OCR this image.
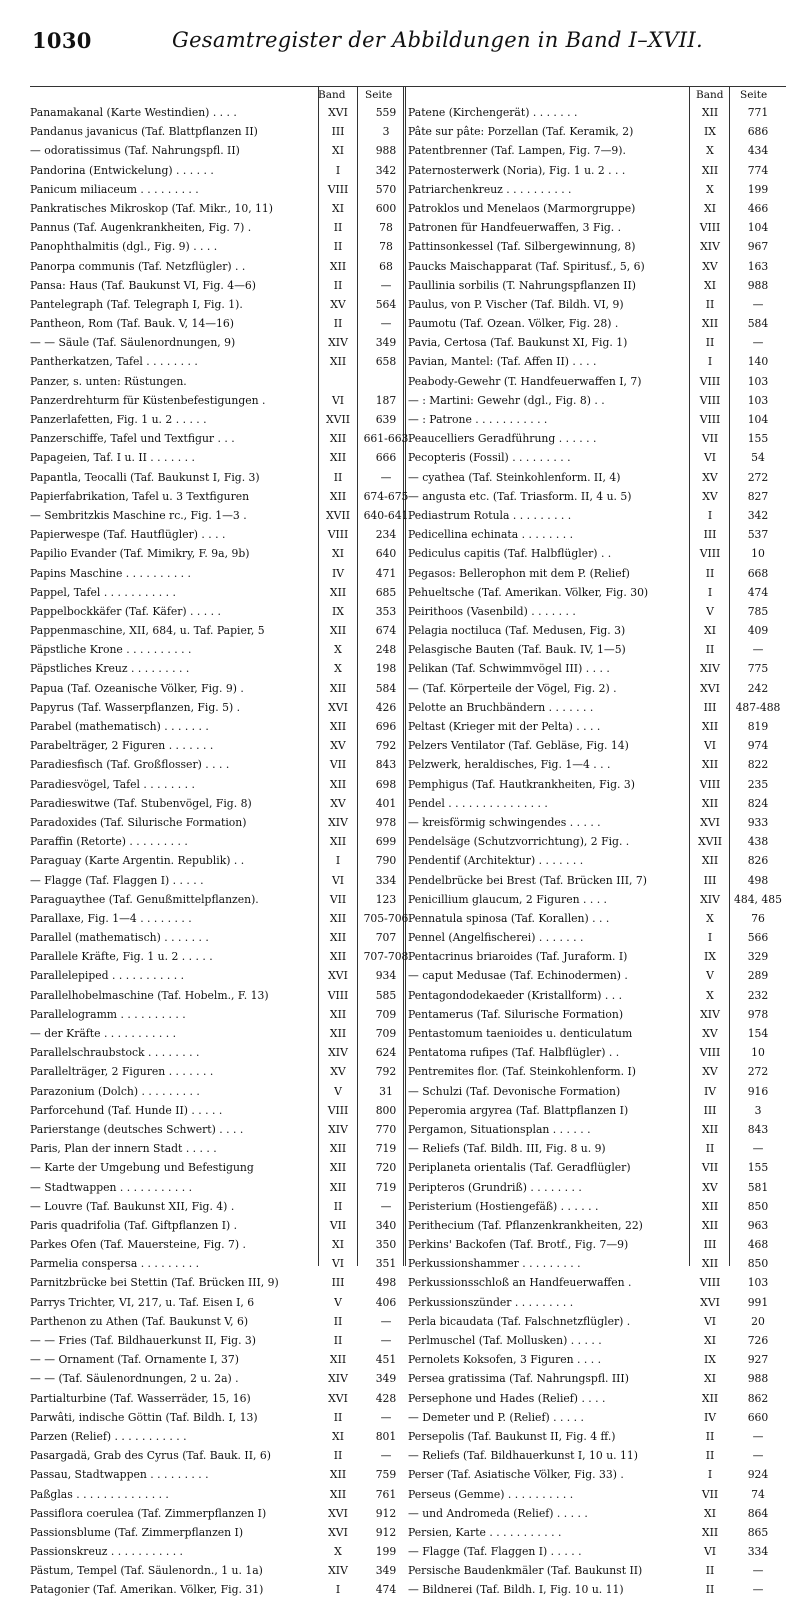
1030	Gesamtregister der Abbildungen in Band I–XVII.
Band Seite
Panamakanal (Karte Westindien) . . . .	XVI	559
Pandanus javanicus (Taf. Blattpflanzen II)	III	3
— odoratissimus (Taf. Nahrungspfl. II)	XI	988
Pandorina (Entwickelung) . . . . . .	I	342
Panicum miliaceum . . . . . . . . .	VIII	570
Pankratisches Mikroskop (Taf. Mikr., 10, 11)	XI	600
Pannus (Taf. Augenkrankheiten, Fig. 7) .	II	78
Panophthalmitis (dgl., Fig. 9) . . . .	II	78
Panorpa communis (Taf. Netzflügler) . .	XII	68
Pansa: Haus (Taf. Baukunst VI, Fig. 4—6)	II	—
Pantelegraph (Taf. Telegraph I, Fig. 1).	XV	564
Pantheon, Rom (Taf. Bauk. V, 14—16)	II	—
— — Säule (Taf. Säulenordnungen, 9)	XIV	349
Pantherkatzen, Tafel . . . . . . . .	XII	658
Panzer, s. unten: Rüstungen.
Panzerdrehturm für Küstenbefestigungen .	VI	187
Panzerlafetten, Fig. 1 u. 2 . . . . .	XVII	639
Panzerschiffe, Tafel und Textfigur . . .	XII	661-663
Papageien, Taf. I u. II . . . . . . .	XII	666
Papantla, Teocalli (Taf. Baukunst I, Fig. 3)	II	—
Papierfabrikation, Tafel u. 3 Textfiguren	XII	674-675
— Sembritzkis Maschine rc., Fig. 1—3 .	XVII	640-641
Papierwespe (Taf. Hautflügler) . . . .	VIII	234
Papilio Evander (Taf. Mimikry, F. 9a, 9b)	XI	640
Papins Maschine . . . . . . . . . .	IV	471
Pappel, Tafel . . . . . . . . . . .	XII	685
Pappelbockkäfer (Taf. Käfer) . . . . .	IX	353
Pappenmaschine, XII, 684, u. Taf. Papier, 5	XII	674
Päpstliche Krone . . . . . . . . . .	X	248
Päpstliches Kreuz . . . . . . . . .	X	198
Papua (Taf. Ozeanische Völker, Fig. 9) .	XII	584
Papyrus (Taf. Wasserpflanzen, Fig. 5) .	XVI	426
Parabel (mathematisch) . . . . . . .	XII	696
Parabelträger, 2 Figuren . . . . . . .	XV	792
Paradiesfisch (Taf. Großflosser) . . . .	VII	843
Paradiesvögel, Tafel . . . . . . . .	XII	698
Paradieswitwe (Taf. Stubenvögel, Fig. 8)	XV	401
Paradoxides (Taf. Silurische Formation)	XIV	978
Paraffin (Retorte) . . . . . . . . .	XII	699
Paraguay (Karte Argentin. Republik) . .	I	790
— Flagge (Taf. Flaggen I) . . . . .	VI	334
Paraguaythee (Taf. Genußmittelpflanzen).	VII	123
Parallaxe, Fig. 1—4 . . . . . . . .	XII	705-706
Parallel (mathematisch) . . . . . . .	XII	707
Parallele Kräfte, Fig. 1 u. 2 . . . . .	XII	707-708
Parallelepiped . . . . . . . . . . .	XVI	934
Parallelhobelmaschine (Taf. Hobelm., F. 13)	VIII	585
Parallelogramm . . . . . . . . . .	XII	709
— der Kräfte . . . . . . . . . . .	XII	709
Parallelschraubstock . . . . . . . .	XIV	624
Parallelträger, 2 Figuren . . . . . . .	XV	792
Parazonium (Dolch) . . . . . . . . .	V	31
Parforcehund (Taf. Hunde II) . . . . .	VIII	800
Parierstange (deutsches Schwert) . . . .	XIV	770
Paris, Plan der innern Stadt . . . . .	XII	719
— Karte der Umgebung und Befestigung	XII	720
— Stadtwappen . . . . . . . . . . .	XII	719
— Louvre (Taf. Baukunst XII, Fig. 4) .	II	—
Paris quadrifolia (Taf. Giftpflanzen I) .	VII	340
Parkes Ofen (Taf. Mauersteine, Fig. 7) .	XI	350
Parmelia conspersa . . . . . . . . .	VI	351
Parnitzbrücke bei Stettin (Taf. Brücken III, 9)	III	498
Parrys Trichter, VI, 217, u. Taf. Eisen I, 6	V	406
Parthenon zu Athen (Taf. Baukunst V, 6)	II	—
— — Fries (Taf. Bildhauerkunst II, Fig. 3)	II	—
— — Ornament (Taf. Ornamente I, 37)	XII	451
— — (Taf. Säulenordnungen, 2 u. 2a) .	XIV	349
Partialturbine (Taf. Wasserräder, 15, 16)	XVI	428
Parwâti, indische Göttin (Taf. Bildh. I, 13)	II	—
Parzen (Relief) . . . . . . . . . . .	XI	801
Pasargadä, Grab des Cyrus (Taf. Bauk. II, 6)	II	—
Passau, Stadtwappen . . . . . . . . .	XII	759
Paßglas . . . . . . . . . . . . . .	XII	761
Passiflora coerulea (Taf. Zimmerpflanzen I)	XVI	912
Passionsblume (Taf. Zimmerpflanzen I)	XVI	912
Passionskreuz . . . . . . . . . . .	X	199
Pästum, Tempel (Taf. Säulenordn., 1 u. 1a)	XIV	349
Patagonier (Taf. Amerikan. Völker, Fig. 31)	I	474
Band Seite
Patene (Kirchengerät) . . . . . . .	XII	771
Pâte sur pâte: Porzellan (Taf. Keramik, 2)	IX	686
Patentbrenner (Taf. Lampen, Fig. 7—9).	X	434
Paternosterwerk (Noria), Fig. 1 u. 2 . . .	XII	774
Patriarchenkreuz . . . . . . . . . .	X	199
Patroklos und Menelaos (Marmorgruppe)	XI	466
Patronen für Handfeuerwaffen, 3 Fig. .	VIII	104
Pattinsonkessel (Taf. Silbergewinnung, 8)	XIV	967
Paucks Maischapparat (Taf. Spiritusf., 5, 6)	XV	163
Paullinia sorbilis (T. Nahrungspflanzen II)	XI	988
Paulus, von P. Vischer (Taf. Bildh. VI, 9)	II	—
Paumotu (Taf. Ozean. Völker, Fig. 28) .	XII	584
Pavia, Certosa (Taf. Baukunst XI, Fig. 1)	II	—
Pavian, Mantel: (Taf. Affen II) . . . .	I	140
Peabody-Gewehr (T. Handfeuerwaffen I, 7)	VIII	103
— : Martini: Gewehr (dgl., Fig. 8) . .	VIII	103
— : Patrone . . . . . . . . . . .	VIII	104
Peaucelliers Geradführung . . . . . .	VII	155
Pecopteris (Fossil) . . . . . . . . .	VI	54
— cyathea (Taf. Steinkohlenform. II, 4)	XV	272
— angusta etc. (Taf. Triasform. II, 4 u. 5)	XV	827
Pediastrum Rotula . . . . . . . . .	I	342
Pedicellina echinata . . . . . . . .	III	537
Pediculus capitis (Taf. Halbflügler) . .	VIII	10
Pegasos: Bellerophon mit dem P. (Relief)	II	668
Pehueltsche (Taf. Amerikan. Völker, Fig. 30)	I	474
Peirithoos (Vasenbild) . . . . . . .	V	785
Pelagia noctiluca (Taf. Medusen, Fig. 3)	XI	409
Pelasgische Bauten (Taf. Bauk. IV, 1—5)	II	—
Pelikan (Taf. Schwimmvögel III) . . . .	XIV	775
— (Taf. Körperteile der Vögel, Fig. 2) .	XVI	242
Pelotte an Bruchbändern . . . . . . .	III	487-488
Peltast (Krieger mit der Pelta) . . . .	XII	819
Pelzers Ventilator (Taf. Gebläse, Fig. 14)	VI	974
Pelzwerk, heraldisches, Fig. 1—4 . . .	XII	822
Pemphigus (Taf. Hautkrankheiten, Fig. 3)	VIII	235
Pendel . . . . . . . . . . . . . . .	XII	824
— kreisförmig schwingendes . . . . .	XVI	933
Pendelsäge (Schutzvorrichtung), 2 Fig. .	XVII	438
Pendentif (Architektur) . . . . . . .	XII	826
Pendelbrücke bei Brest (Taf. Brücken III, 7)	III	498
Penicillium glaucum, 2 Figuren . . . .	XIV	484, 485
Pennatula spinosa (Taf. Korallen) . . .	X	76
Pennel (Angelfischerei) . . . . . . .	I	566
Pentacrinus briaroides (Taf. Juraform. I)	IX	329
— caput Medusae (Taf. Echinodermen) .	V	289
Pentagondodekaeder (Kristallform) . . .	X	232
Pentamerus (Taf. Silurische Formation)	XIV	978
Pentastomum taenioides u. denticulatum	XV	154
Pentatoma rufipes (Taf. Halbflügler) . .	VIII	10
Pentremites flor. (Taf. Steinkohlenform. I)	XV	272
— Schulzi (Taf. Devonische Formation)	IV	916
Peperomia argyrea (Taf. Blattpflanzen I)	III	3
Pergamon, Situationsplan . . . . . .	XII	843
— Reliefs (Taf. Bildh. III, Fig. 8 u. 9)	II	—
Periplaneta orientalis (Taf. Geradflügler)	VII	155
Peripteros (Grundriß) . . . . . . . .	XV	581
Peristerium (Hostiengefäß) . . . . . .	XII	850
Perithecium (Taf. Pflanzenkrankheiten, 22)	XII	963
Perkins' Backofen (Taf. Brotf., Fig. 7—9)	III	468
Perkussionshammer . . . . . . . . .	XII	850
Perkussionsschloß an Handfeuerwaffen .	VIII	103
Perkussionszünder . . . . . . . . .	XVI	991
Perla bicaudata (Taf. Falschnetzflügler) .	VI	20
Perlmuschel (Taf. Mollusken) . . . . .	XI	726
Pernolets Koksofen, 3 Figuren . . . .	IX	927
Persea gratissima (Taf. Nahrungspfl. III)	XI	988
Persephone und Hades (Relief) . . . .	XII	862
— Demeter und P. (Relief) . . . . .	IV	660
Persepolis (Taf. Baukunst II, Fig. 4 ff.)	II	—
— Reliefs (Taf. Bildhauerkunst I, 10 u. 11)	II	—
Perser (Taf. Asiatische Völker, Fig. 33) .	I	924
Perseus (Gemme) . . . . . . . . . .	VII	74
— und Andromeda (Relief) . . . . .	XI	864
Persien, Karte . . . . . . . . . . .	XII	865
— Flagge (Taf. Flaggen I) . . . . .	VI	334
Persische Baudenkmäler (Taf. Baukunst II)	II	—
— Bildnerei (Taf. Bildh. I, Fig. 10 u. 11)	II	—
